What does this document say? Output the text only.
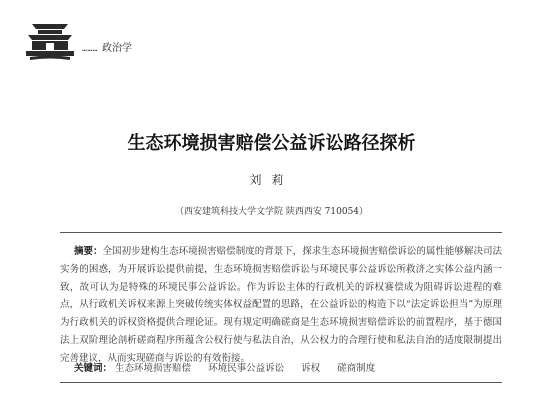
……… 政治学
生态环境损害赔偿公益诉讼路径探析
刘莉
（西安建筑科技大学文学院 陕西西安 710054）
摘要：全国初步建构生态环境损害赔偿制度的背景下，探求生态环境损害赔偿诉讼的属性能够解决司法实务的困惑，为开展诉讼提供前提，生态环境损害赔偿诉讼与环境民事公益诉讼所救济之实体公益内涵一致，故可认为是特殊的环境民事公益诉讼。作为诉讼主体的行政机关的诉权赛偿成为阻碍诉讼进程的难点，从行政机关诉权来源上突破传统实体权益配置的思路，在公益诉讼的构造下以“法定诉讼担当”为原理为行政机关的诉权资格提供合理论证。现有规定明确磋商是生态环境损害赔偿诉讼的前置程序，基于德国法上双阶理论剖析磋商程序所蕴含公权行使与私法自治，从公权力的合理行使和私法自治的适度限制提出完善建议，从而实现磋商与诉讼的有效衔接。
关键词： 生态环境损害赔偿 环境民事公益诉讼 诉权 磋商制度
